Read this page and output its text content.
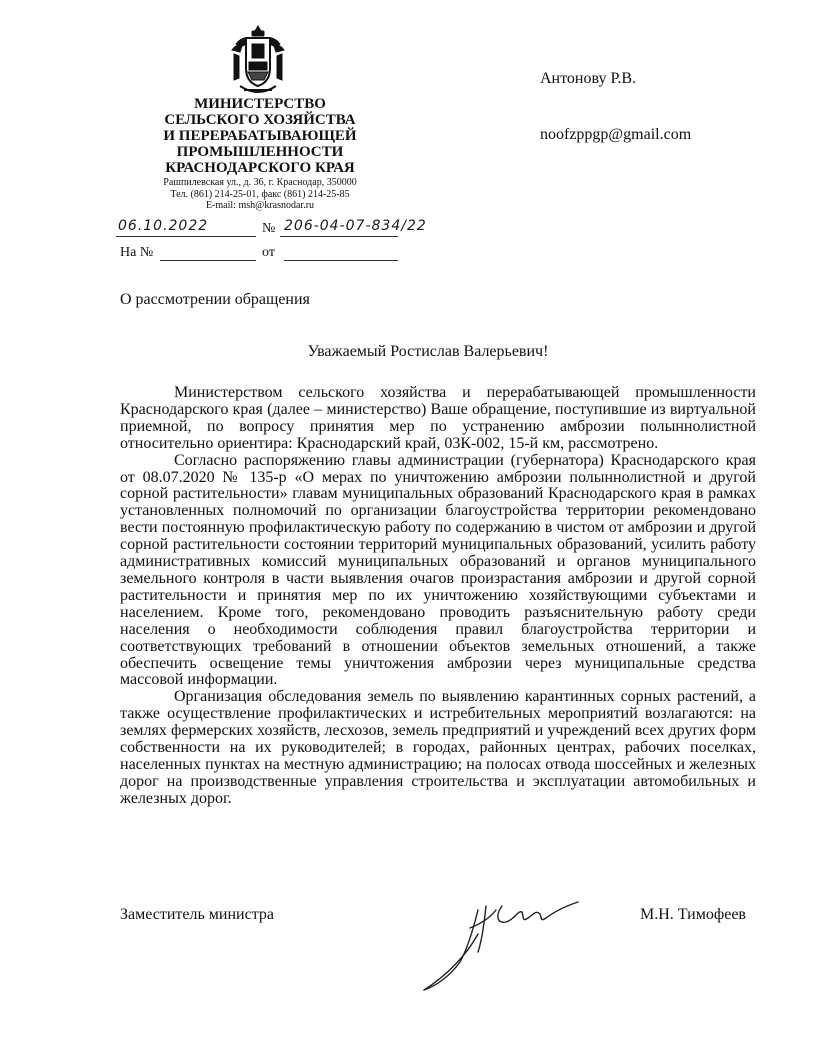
МИНИСТЕРСТВО
СЕЛЬСКОГО ХОЗЯЙСТВА
И ПЕРЕРАБАТЫВАЮЩЕЙ
ПРОМЫШЛЕННОСТИ
КРАСНОДАРСКОГО КРАЯ
Рашпилевская ул., д. 36, г. Краснодар, 350000
Тел. (861) 214-25-01, факс (861) 214-25-85
E-mail: msh@krasnodar.ru
Антонову Р.В.
noofzppgp@gmail.com
06.10.2022	№ 206-04-07-834/22
На №	от
О рассмотрении обращения
Уважаемый Ростислав Валерьевич!

Министерством сельского хозяйства и перерабатывающей промышленности Краснодарского края (далее – министерство) Ваше обращение, поступившие из виртуальной приемной, по вопросу принятия мер по устранению амброзии полыннолистной относительно ориентира: Краснодарский край, 03К-002, 15-й км, рассмотрено.

Согласно распоряжению главы администрации (губернатора) Краснодарского края от 08.07.2020 № 135-р «О мерах по уничтожению амброзии полыннолистной и другой сорной растительности» главам муниципальных образований Краснодарского края в рамках установленных полномочий по организации благоустройства территории рекомендовано вести постоянную профилактическую работу по содержанию в чистом от амброзии и другой сорной растительности состоянии территорий муниципальных образований, усилить работу административных комиссий муниципальных образований и органов муниципального земельного контроля в части выявления очагов произрастания амброзии и другой сорной растительности и принятия мер по их уничтожению хозяйствующими субъектами и населением. Кроме того, рекомендовано проводить разъяснительную работу среди населения о необходимости соблюдения правил благоустройства территории и соответствующих требований в отношении объектов земельных отношений, а также обеспечить освещение темы уничтожения амброзии через муниципальные средства массовой информации.

Организация обследования земель по выявлению карантинных сорных растений, а также осуществление профилактических и истребительных мероприятий возлагаются: на землях фермерских хозяйств, лесхозов, земель предприятий и учреждений всех других форм собственности на их руководителей; в городах, районных центрах, рабочих поселках, населенных пунктах на местную администрацию; на полосах отвода шоссейных и железных дорог на производственные управления строительства и эксплуатации автомобильных и железных дорог.

Заместитель министра	М.Н. Тимофеев
